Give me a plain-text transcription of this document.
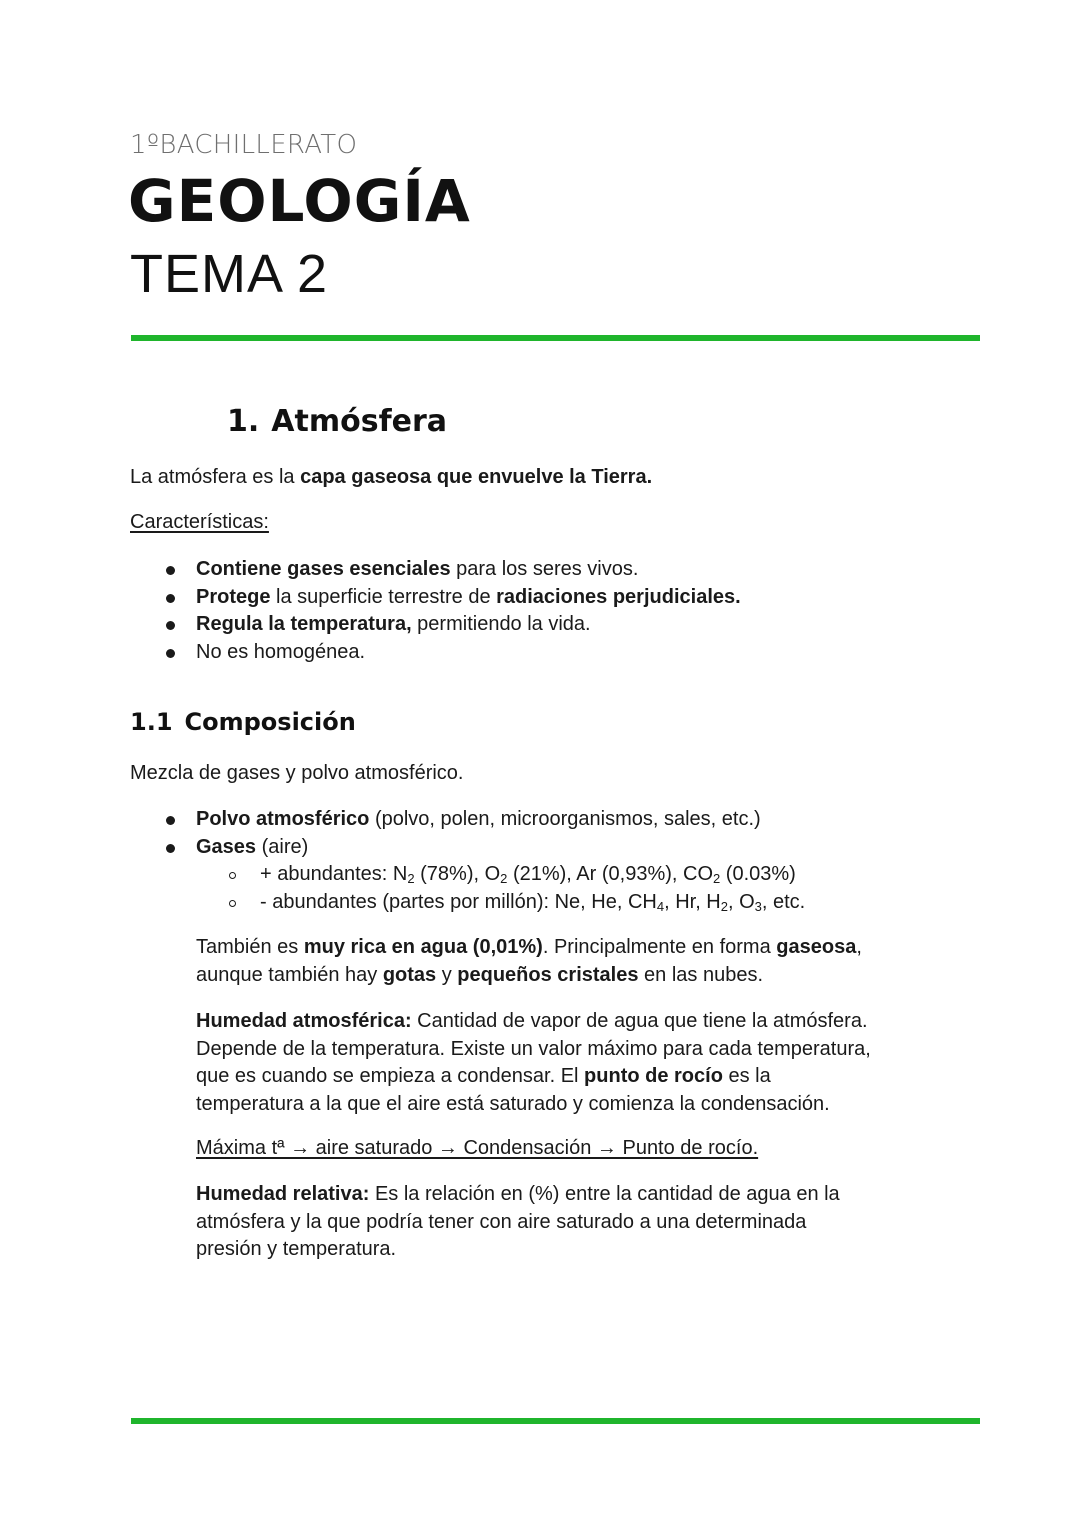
1ºBACHILLERATO
GEOLOGÍA
TEMA 2
1. Atmósfera
La atmósfera es la capa gaseosa que envuelve la Tierra.
Características:
Contiene gases esenciales para los seres vivos.
Protege la superficie terrestre de radiaciones perjudiciales.
Regula la temperatura, permitiendo la vida.
No es homogénea.
1.1 Composición
Mezcla de gases y polvo atmosférico.
Polvo atmosférico (polvo, polen, microorganismos, sales, etc.)
Gases (aire)
+ abundantes: $N_2$ (78%), $O_2$ (21%), Ar (0,93%), $CO_2$ (0.03%)
- abundantes (partes por millón): Ne, He, $CH_4$, Hr, $H_2$, $O_3$, etc.
También es muy rica en agua (0,01%). Principalmente en forma gaseosa,
aunque también hay gotas y pequeños cristales en las nubes.
Humedad atmosférica: Cantidad de vapor de agua que tiene la atmósfera.
Depende de la temperatura. Existe un valor máximo para cada temperatura,
que es cuando se empieza a condensar. El punto de rocío es la
temperatura a la que el aire está saturado y comienza la condensación.
Máxima tª → aire saturado → Condensación → Punto de rocío.
Humedad relativa: Es la relación en (%) entre la cantidad de agua en la
atmósfera y la que podría tener con aire saturado a una determinada
presión y temperatura.
